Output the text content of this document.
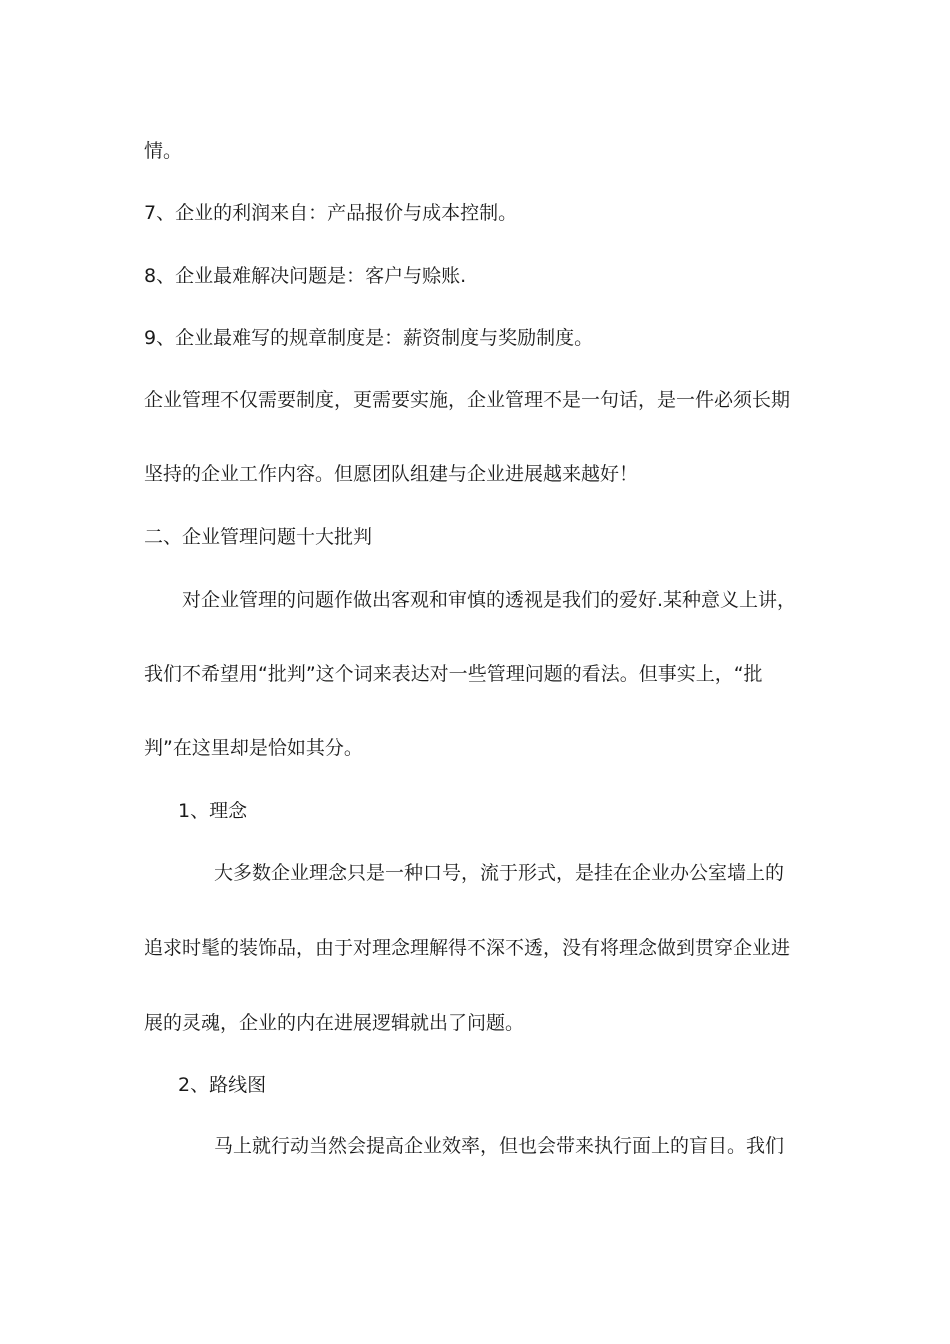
情。
7、企业的利润来自：产品报价与成本控制。
8、企业最难解决问题是：客户与赊账.
9、企业最难写的规章制度是：薪资制度与奖励制度。
企业管理不仅需要制度，更需要实施，企业管理不是一句话，是一件必须长期
坚持的企业工作内容。但愿团队组建与企业进展越来越好！
二、企业管理问题十大批判
对企业管理的问题作做出客观和审慎的透视是我们的爱好.某种意义上讲，
我们不希望用“批判”这个词来表达对一些管理问题的看法。但事实上，“批
判”在这里却是恰如其分。
1、理念
大多数企业理念只是一种口号，流于形式，是挂在企业办公室墙上的
追求时髦的装饰品，由于对理念理解得不深不透，没有将理念做到贯穿企业进
展的灵魂，企业的内在进展逻辑就出了问题。
2、路线图
马上就行动当然会提高企业效率，但也会带来执行面上的盲目。我们
